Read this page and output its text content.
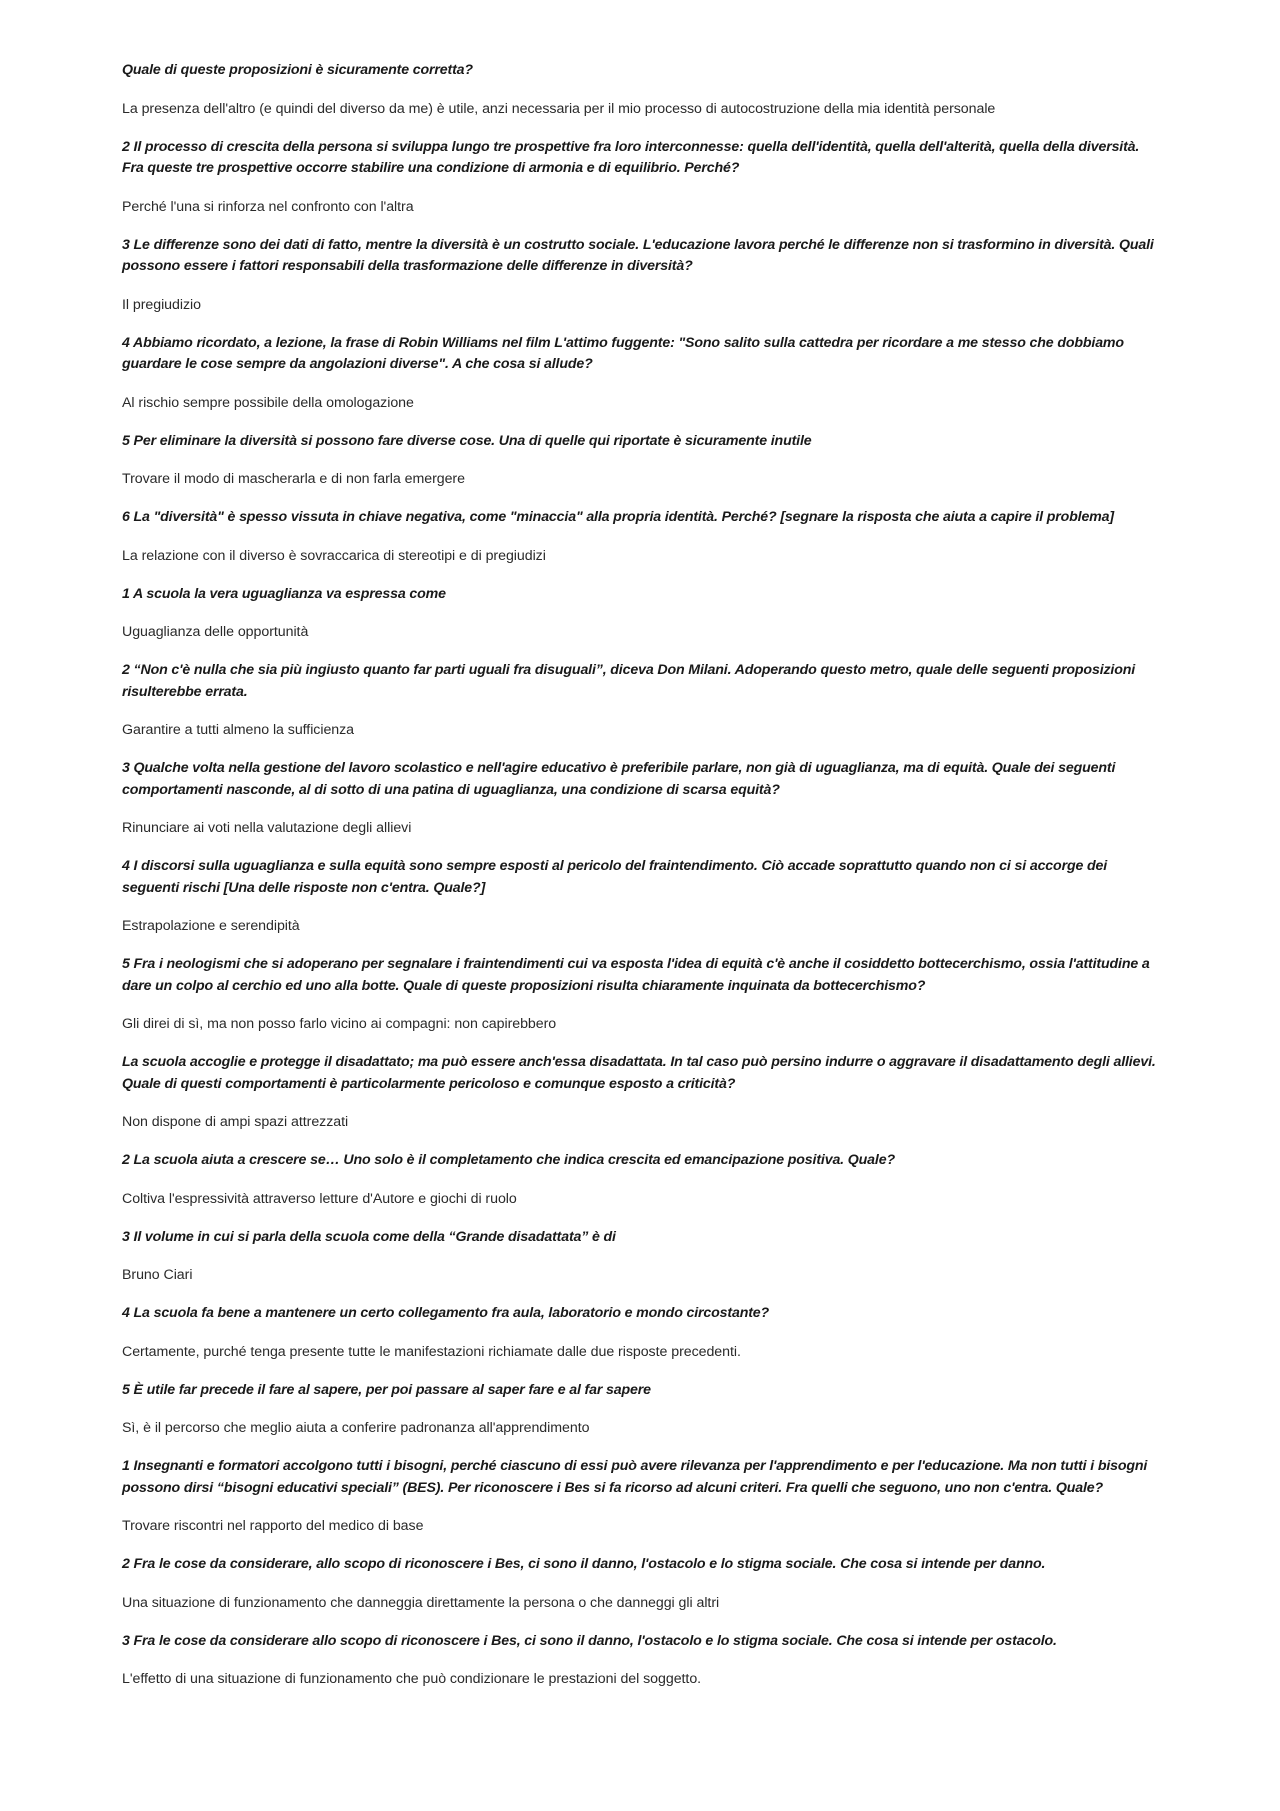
Quale di queste proposizioni è sicuramente corretta?

La presenza dell'altro (e quindi del diverso da me) è utile, anzi necessaria per il mio processo di autocostruzione della mia identità personale

2 Il processo di crescita della persona si sviluppa lungo tre prospettive fra loro interconnesse: quella dell'identità, quella dell'alterità, quella della diversità. Fra queste tre prospettive occorre stabilire una condizione di armonia e di equilibrio. Perché?

Perché l'una si rinforza nel confronto con l'altra

3 Le differenze sono dei dati di fatto, mentre la diversità è un costrutto sociale. L'educazione lavora perché le differenze non si trasformino in diversità. Quali possono essere i fattori responsabili della trasformazione delle differenze in diversità?

Il pregiudizio

4 Abbiamo ricordato, a lezione, la frase di Robin Williams nel film L'attimo fuggente: "Sono salito sulla cattedra per ricordare a me stesso che dobbiamo guardare le cose sempre da angolazioni diverse". A che cosa si allude?

Al rischio sempre possibile della omologazione

5 Per eliminare la diversità si possono fare diverse cose. Una di quelle qui riportate è sicuramente inutile

Trovare il modo di mascherarla e di non farla emergere

6 La "diversità" è spesso vissuta in chiave negativa, come "minaccia" alla propria identità. Perché? [segnare la risposta che aiuta a capire il problema]

La relazione con il diverso è sovraccarica di stereotipi e di pregiudizi

1 A scuola la vera uguaglianza va espressa come

Uguaglianza delle opportunità

2 “Non c'è nulla che sia più ingiusto quanto far parti uguali fra disuguali”, diceva Don Milani. Adoperando questo metro, quale delle seguenti proposizioni risulterebbe errata.

Garantire a tutti almeno la sufficienza

3 Qualche volta nella gestione del lavoro scolastico e nell'agire educativo è preferibile parlare, non già di uguaglianza, ma di equità. Quale dei seguenti comportamenti nasconde, al di sotto di una patina di uguaglianza, una condizione di scarsa equità?

Rinunciare ai voti nella valutazione degli allievi

4 I discorsi sulla uguaglianza e sulla equità sono sempre esposti al pericolo del fraintendimento. Ciò accade soprattutto quando non ci si accorge dei seguenti rischi [Una delle risposte non c'entra. Quale?]

Estrapolazione e serendipità

5 Fra i neologismi che si adoperano per segnalare i fraintendimenti cui va esposta l'idea di equità c'è anche il cosiddetto bottecerchismo, ossia l'attitudine a dare un colpo al cerchio ed uno alla botte. Quale di queste proposizioni risulta chiaramente inquinata da bottecerchismo?

Gli direi di sì, ma non posso farlo vicino ai compagni: non capirebbero

La scuola accoglie e protegge il disadattato; ma può essere anch'essa disadattata. In tal caso può persino indurre o aggravare il disadattamento degli allievi. Quale di questi comportamenti è particolarmente pericoloso e comunque esposto a criticità?

Non dispone di ampi spazi attrezzati

2 La scuola aiuta a crescere se… Uno solo è il completamento che indica crescita ed emancipazione positiva. Quale?

Coltiva l'espressività attraverso letture d'Autore e giochi di ruolo

3 Il volume in cui si parla della scuola come della “Grande disadattata” è di

Bruno Ciari

4 La scuola fa bene a mantenere un certo collegamento fra aula, laboratorio e mondo circostante?

Certamente, purché tenga presente tutte le manifestazioni richiamate dalle due risposte precedenti.

5 È utile far precede il fare al sapere, per poi passare al saper fare e al far sapere

Sì, è il percorso che meglio aiuta a conferire padronanza all'apprendimento

1 Insegnanti e formatori accolgono tutti i bisogni, perché ciascuno di essi può avere rilevanza per l'apprendimento e per l'educazione. Ma non tutti i bisogni possono dirsi “bisogni educativi speciali” (BES). Per riconoscere i Bes si fa ricorso ad alcuni criteri. Fra quelli che seguono, uno non c'entra. Quale?

Trovare riscontri nel rapporto del medico di base

2 Fra le cose da considerare, allo scopo di riconoscere i Bes, ci sono il danno, l'ostacolo e lo stigma sociale. Che cosa si intende per danno.

Una situazione di funzionamento che danneggia direttamente la persona o che danneggi gli altri

3 Fra le cose da considerare allo scopo di riconoscere i Bes, ci sono il danno, l'ostacolo e lo stigma sociale. Che cosa si intende per ostacolo.

L'effetto di una situazione di funzionamento che può condizionare le prestazioni del soggetto.
